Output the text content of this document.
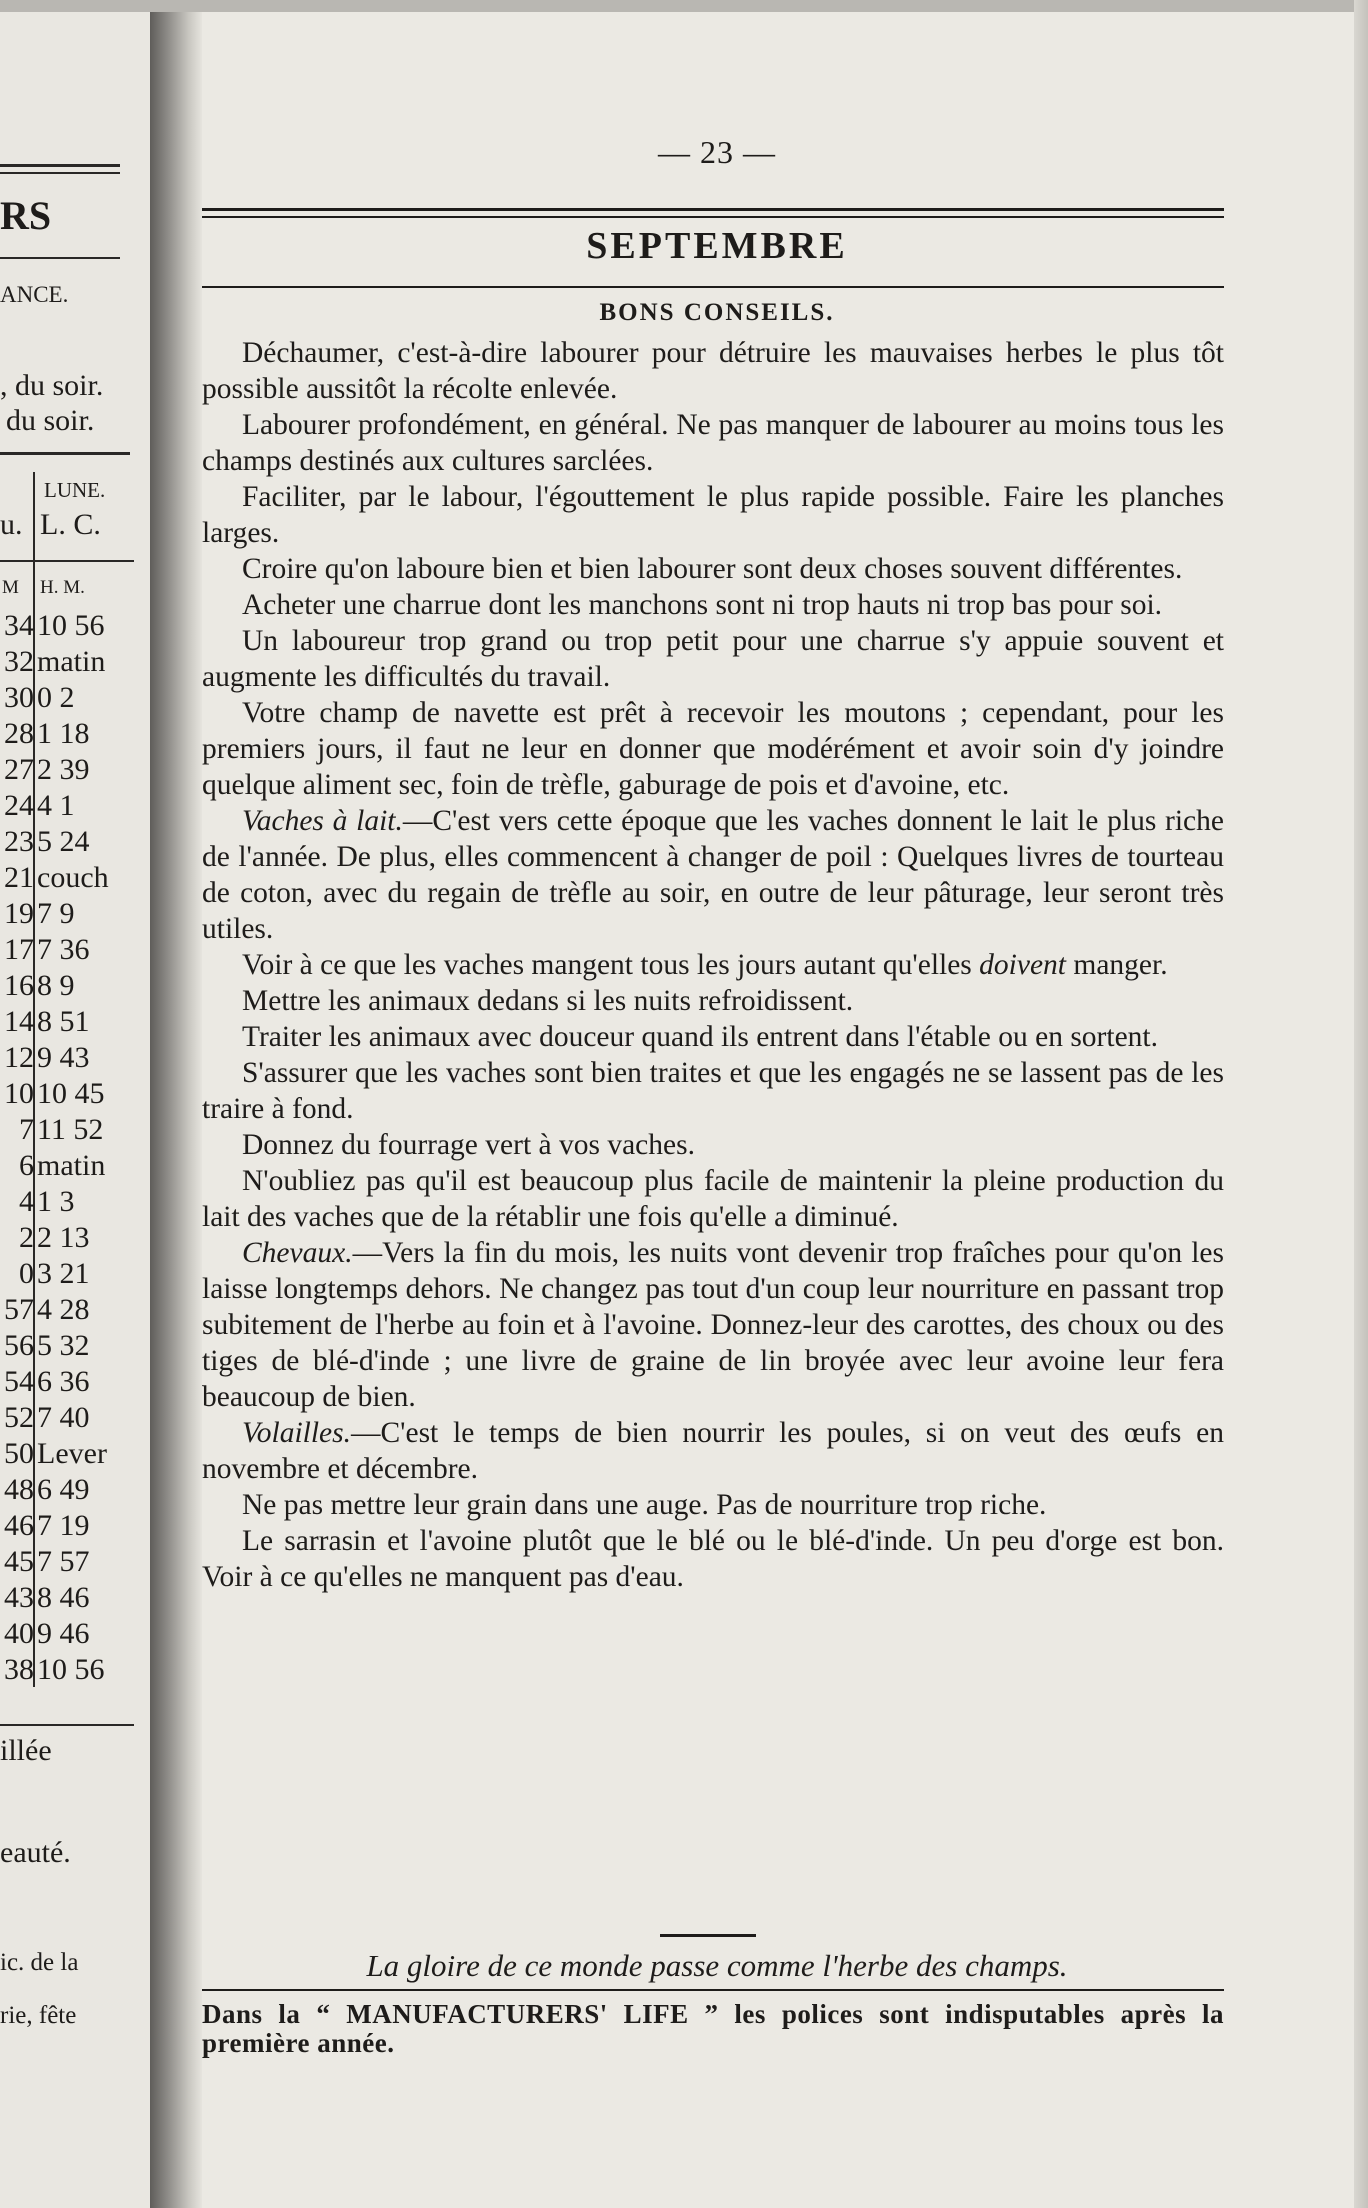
RS
ANCE.
, du soir.
du soir.
LUNE.
u. L. C.
M H. M.
34 10 56
32 matin
30 0 2
28 1 18
27 2 39
24 4 1
23 5 24
21 couch
19 7 9
17 7 36
16 8 9
14 8 51
12 9 43
10 10 45
7 11 52
6 matin
4 1 3
2 2 13
0 3 21
57 4 28
56 5 32
54 6 36
52 7 40
50 Lever
48 6 49
46 7 19
45 7 57
43 8 46
40 9 46
38 10 56
illée
eauté.
ic. de la
rie, fête
— 23 —
SEPTEMBRE
BONS CONSEILS.

Déchaumer, c'est-à-dire labourer pour détruire les mauvaises herbes le plus tôt possible aussitôt la récolte enlevée.

Labourer profondément, en général. Ne pas manquer de labourer au moins tous les champs destinés aux cultures sarclées.

Faciliter, par le labour, l'égouttement le plus rapide possible. Faire les planches larges.

Croire qu'on laboure bien et bien labourer sont deux choses souvent différentes.

Acheter une charrue dont les manchons sont ni trop hauts ni trop bas pour soi.

Un laboureur trop grand ou trop petit pour une charrue s'y appuie souvent et augmente les difficultés du travail.

Votre champ de navette est prêt à recevoir les moutons ; cependant, pour les premiers jours, il faut ne leur en donner que modérément et avoir soin d'y joindre quelque aliment sec, foin de trèfle, gaburage de pois et d'avoine, etc.

Vaches à lait.—C'est vers cette époque que les vaches donnent le lait le plus riche de l'année. De plus, elles commencent à changer de poil : Quelques livres de tourteau de coton, avec du regain de trèfle au soir, en outre de leur pâturage, leur seront très utiles.

Voir à ce que les vaches mangent tous les jours autant qu'elles doivent manger.

Mettre les animaux dedans si les nuits refroidissent.

Traiter les animaux avec douceur quand ils entrent dans l'étable ou en sortent.

S'assurer que les vaches sont bien traites et que les engagés ne se lassent pas de les traire à fond.

Donnez du fourrage vert à vos vaches.

N'oubliez pas qu'il est beaucoup plus facile de maintenir la pleine production du lait des vaches que de la rétablir une fois qu'elle a diminué.

Chevaux.—Vers la fin du mois, les nuits vont devenir trop fraîches pour qu'on les laisse longtemps dehors. Ne changez pas tout d'un coup leur nourriture en passant trop subitement de l'herbe au foin et à l'avoine. Donnez-leur des carottes, des choux ou des tiges de blé-d'inde ; une livre de graine de lin broyée avec leur avoine leur fera beaucoup de bien.

Volailles.—C'est le temps de bien nourrir les poules, si on veut des œufs en novembre et décembre.

Ne pas mettre leur grain dans une auge. Pas de nourriture trop riche.

Le sarrasin et l'avoine plutôt que le blé ou le blé-d'inde. Un peu d'orge est bon. Voir à ce qu'elles ne manquent pas d'eau.

La gloire de ce monde passe comme l'herbe des champs.
Dans la “ MANUFACTURERS' LIFE ” les polices sont indisputables après la première année.
